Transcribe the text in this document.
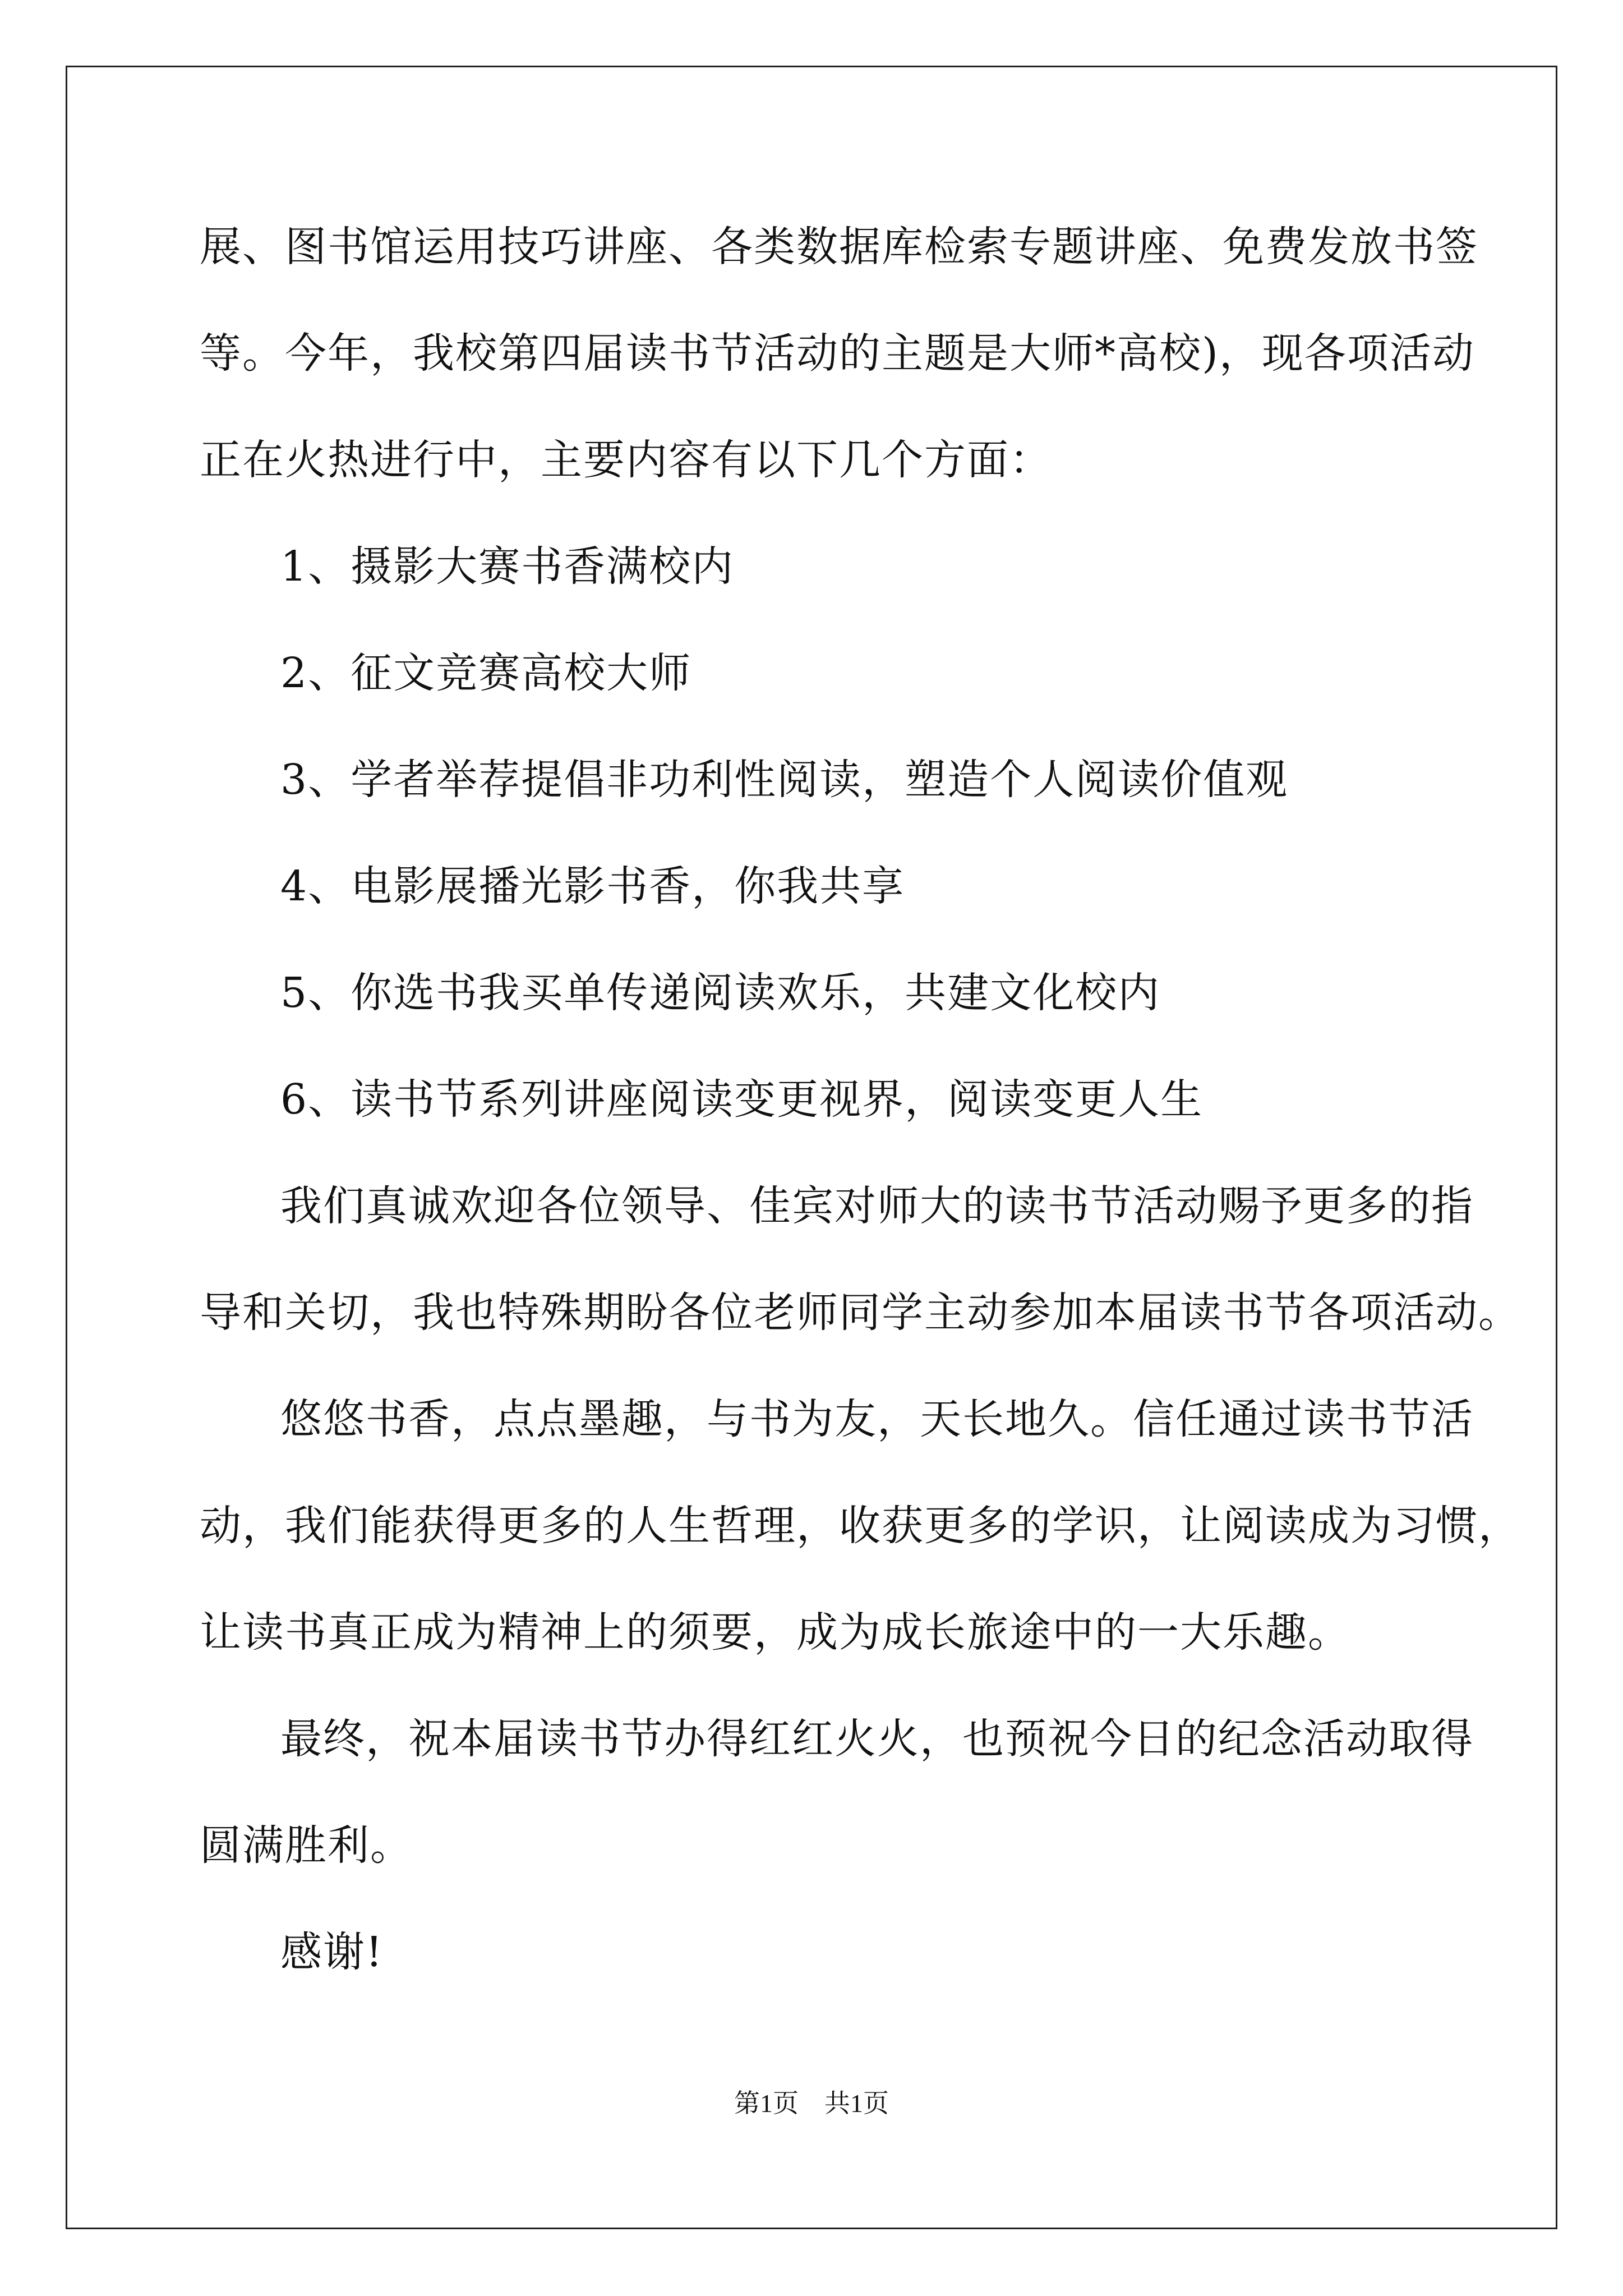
展、图书馆运用技巧讲座、各类数据库检索专题讲座、免费发放书签
等。今年，我校第四届读书节活动的主题是大师*高校)，现各项活动
正在火热进行中，主要内容有以下几个方面：
1、摄影大赛书香满校内
2、征文竞赛高校大师
3、学者举荐提倡非功利性阅读，塑造个人阅读价值观
4、电影展播光影书香，你我共享
5、你选书我买单传递阅读欢乐，共建文化校内
6、读书节系列讲座阅读变更视界，阅读变更人生
我们真诚欢迎各位领导、佳宾对师大的读书节活动赐予更多的指
导和关切，我也特殊期盼各位老师同学主动参加本届读书节各项活动。
悠悠书香，点点墨趣，与书为友，天长地久。信任通过读书节活
动，我们能获得更多的人生哲理，收获更多的学识，让阅读成为习惯，
让读书真正成为精神上的须要，成为成长旅途中的一大乐趣。
最终，祝本届读书节办得红红火火，也预祝今日的纪念活动取得
圆满胜利。
感谢!
第1页　共1页
